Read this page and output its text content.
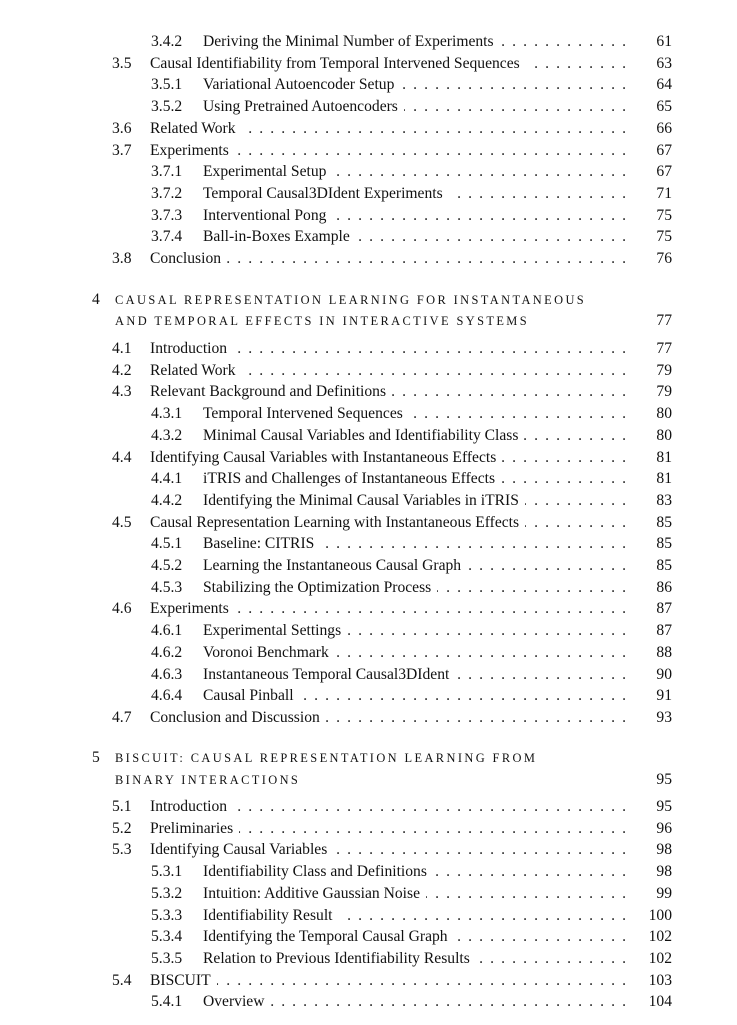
3.4.2	Deriving the Minimal Number of Experiments . . .	61
3.5	Causal Identifiability from Temporal Intervened Sequences . . .	63
3.5.1	Variational Autoencoder Setup . . .	64
3.5.2	Using Pretrained Autoencoders . . .	65
3.6	Related Work . . .	66
3.7	Experiments . . .	67
3.7.1	Experimental Setup . . .	67
3.7.2	Temporal Causal3DIdent Experiments . . .	71
3.7.3	Interventional Pong . . .	75
3.7.4	Ball-in-Boxes Example . . .	75
3.8	Conclusion . . .	76
4 CAUSAL REPRESENTATION LEARNING FOR INSTANTANEOUS
AND TEMPORAL EFFECTS IN INTERACTIVE SYSTEMS	77
4.1	Introduction . . .	77
4.2	Related Work . . .	79
4.3	Relevant Background and Definitions . . .	79
4.3.1	Temporal Intervened Sequences . . .	80
4.3.2	Minimal Causal Variables and Identifiability Class . . .	80
4.4	Identifying Causal Variables with Instantaneous Effects . . .	81
4.4.1	iTRIS and Challenges of Instantaneous Effects . . .	81
4.4.2	Identifying the Minimal Causal Variables in iTRIS . . .	83
4.5	Causal Representation Learning with Instantaneous Effects . . .	85
4.5.1	Baseline: CITRIS . . .	85
4.5.2	Learning the Instantaneous Causal Graph . . .	85
4.5.3	Stabilizing the Optimization Process . . .	86
4.6	Experiments . . .	87
4.6.1	Experimental Settings . . .	87
4.6.2	Voronoi Benchmark . . .	88
4.6.3	Instantaneous Temporal Causal3DIdent . . .	90
4.6.4	Causal Pinball . . .	91
4.7	Conclusion and Discussion . . .	93
5 BISCUIT: CAUSAL REPRESENTATION LEARNING FROM
BINARY INTERACTIONS	95
5.1	Introduction . . .	95
5.2	Preliminaries . . .	96
5.3	Identifying Causal Variables . . .	98
5.3.1	Identifiability Class and Definitions . . .	98
5.3.2	Intuition: Additive Gaussian Noise . . .	99
5.3.3	Identifiability Result . . .	100
5.3.4	Identifying the Temporal Causal Graph . . .	102
5.3.5	Relation to Previous Identifiability Results . . .	102
5.4	BISCUIT . . .	103
5.4.1	Overview . . .	104
